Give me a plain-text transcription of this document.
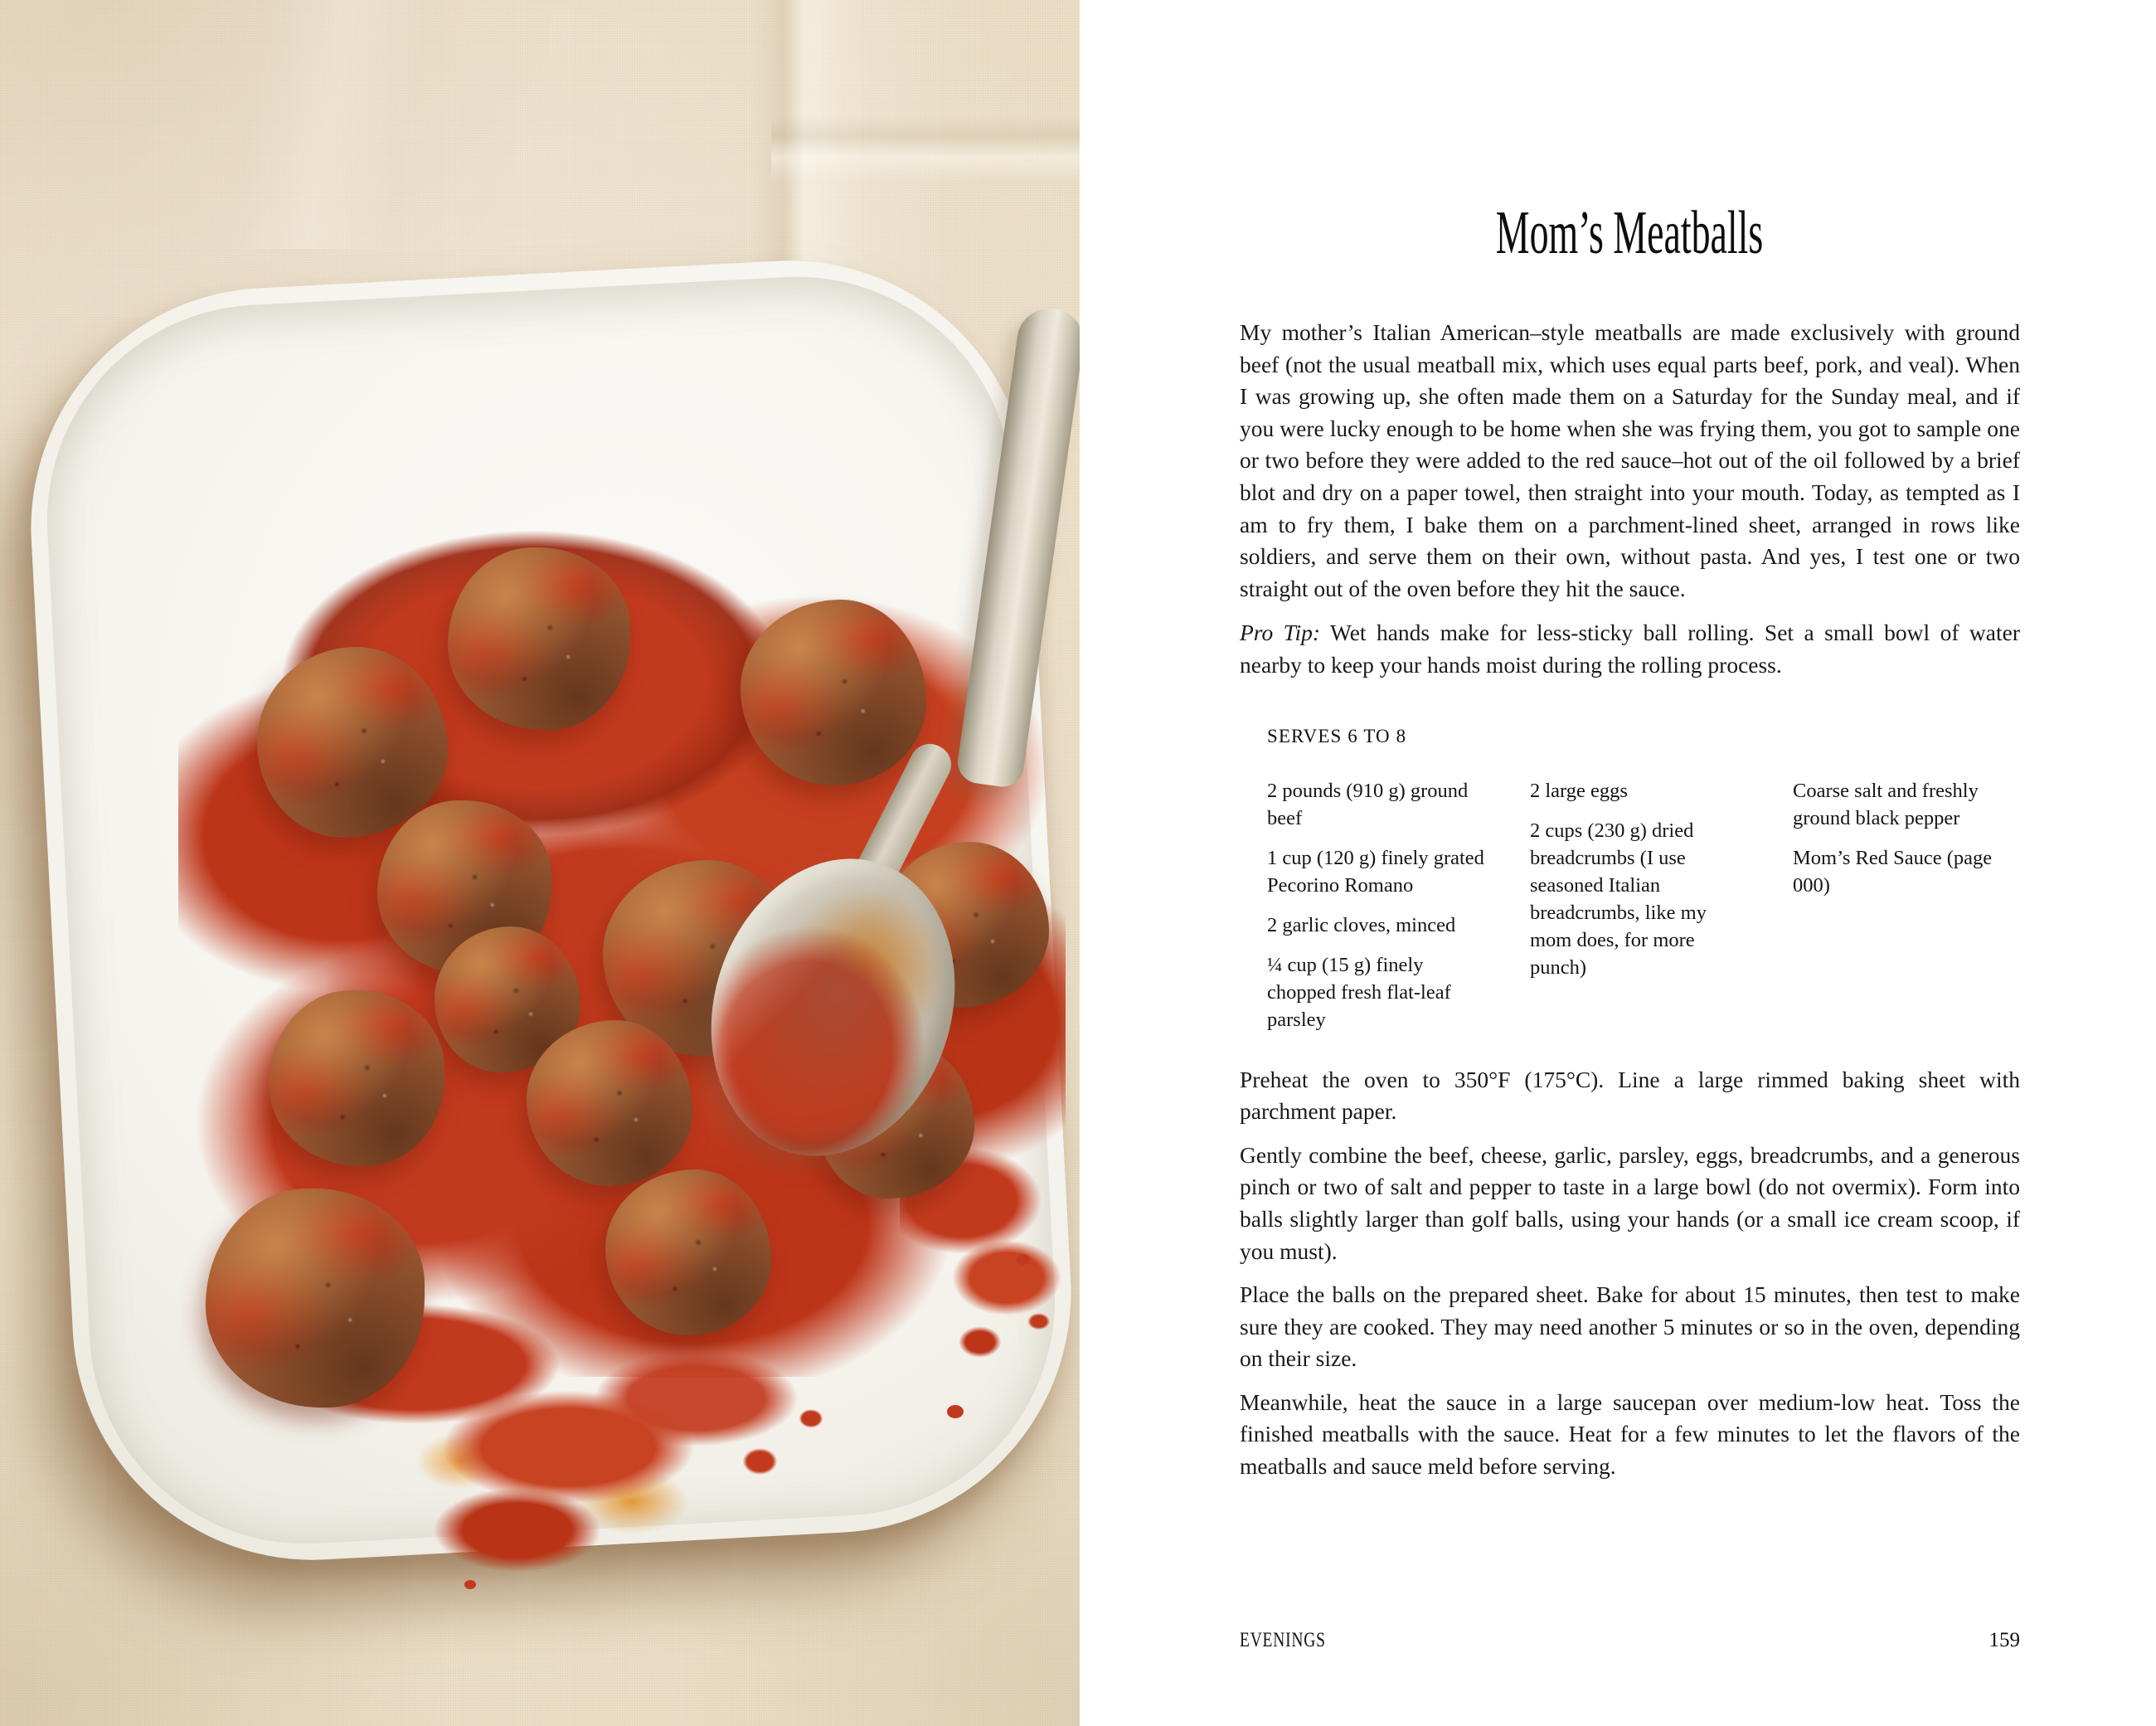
Mom’s Meatballs

My mother’s Italian American–style meatballs are made exclusively with ground beef (not the usual meatball mix, which uses equal parts beef, pork, and veal). When I was growing up, she often made them on a Saturday for the Sunday meal, and if you were lucky enough to be home when she was frying them, you got to sample one or two before they were added to the red sauce–hot out of the oil followed by a brief blot and dry on a paper towel, then straight into your mouth. Today, as tempted as I am to fry them, I bake them on a parchment-lined sheet, arranged in rows like soldiers, and serve them on their own, without pasta. And yes, I test one or two straight out of the oven before they hit the sauce.

Pro Tip: Wet hands make for less-sticky ball rolling. Set a small bowl of water nearby to keep your hands moist during the rolling process.

SERVES 6 TO 8

2 pounds (910 g) ground beef

1 cup (120 g) finely grated Pecorino Romano

2 garlic cloves, minced

¼ cup (15 g) finely chopped fresh flat-leaf parsley

2 large eggs

2 cups (230 g) dried breadcrumbs (I use seasoned Italian breadcrumbs, like my mom does, for more punch)

Coarse salt and freshly ground black pepper

Mom’s Red Sauce (page 000)

Preheat the oven to 350°F (175°C). Line a large rimmed baking sheet with parchment paper.

Gently combine the beef, cheese, garlic, parsley, eggs, breadcrumbs, and a generous pinch or two of salt and pepper to taste in a large bowl (do not overmix). Form into balls slightly larger than golf balls, using your hands (or a small ice cream scoop, if you must).

Place the balls on the prepared sheet. Bake for about 15 minutes, then test to make sure they are cooked. They may need another 5 minutes or so in the oven, depending on their size.

Meanwhile, heat the sauce in a large saucepan over medium-low heat. Toss the finished meatballs with the sauce. Heat for a few minutes to let the flavors of the meatballs and sauce meld before serving.

EVENINGS	159
